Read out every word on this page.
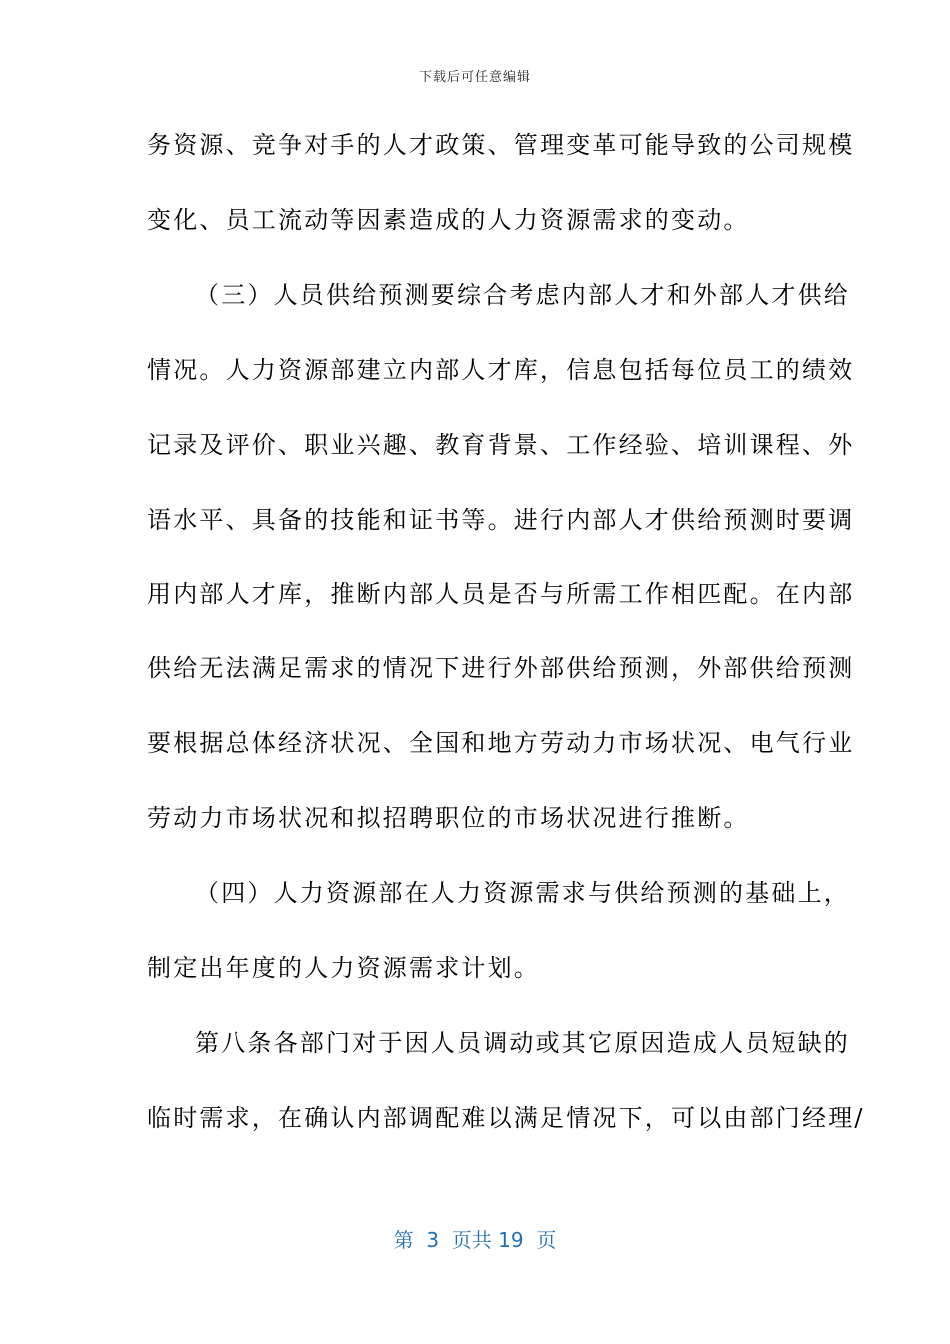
下载后可任意编辑
务资源、竞争对手的人才政策、管理变革可能导致的公司规模
变化、员工流动等因素造成的人力资源需求的变动。
（三）人员供给预测要综合考虑内部人才和外部人才供给
情况。人力资源部建立内部人才库，信息包括每位员工的绩效
记录及评价、职业兴趣、教育背景、工作经验、培训课程、外
语水平、具备的技能和证书等。进行内部人才供给预测时要调
用内部人才库，推断内部人员是否与所需工作相匹配。在内部
供给无法满足需求的情况下进行外部供给预测，外部供给预测
要根据总体经济状况、全国和地方劳动力市场状况、电气行业
劳动力市场状况和拟招聘职位的市场状况进行推断。
（四）人力资源部在人力资源需求与供给预测的基础上，
制定出年度的人力资源需求计划。
第八条各部门对于因人员调动或其它原因造成人员短缺的
临时需求，在确认内部调配难以满足情况下，可以由部门经理/
第  3  页共 19  页
